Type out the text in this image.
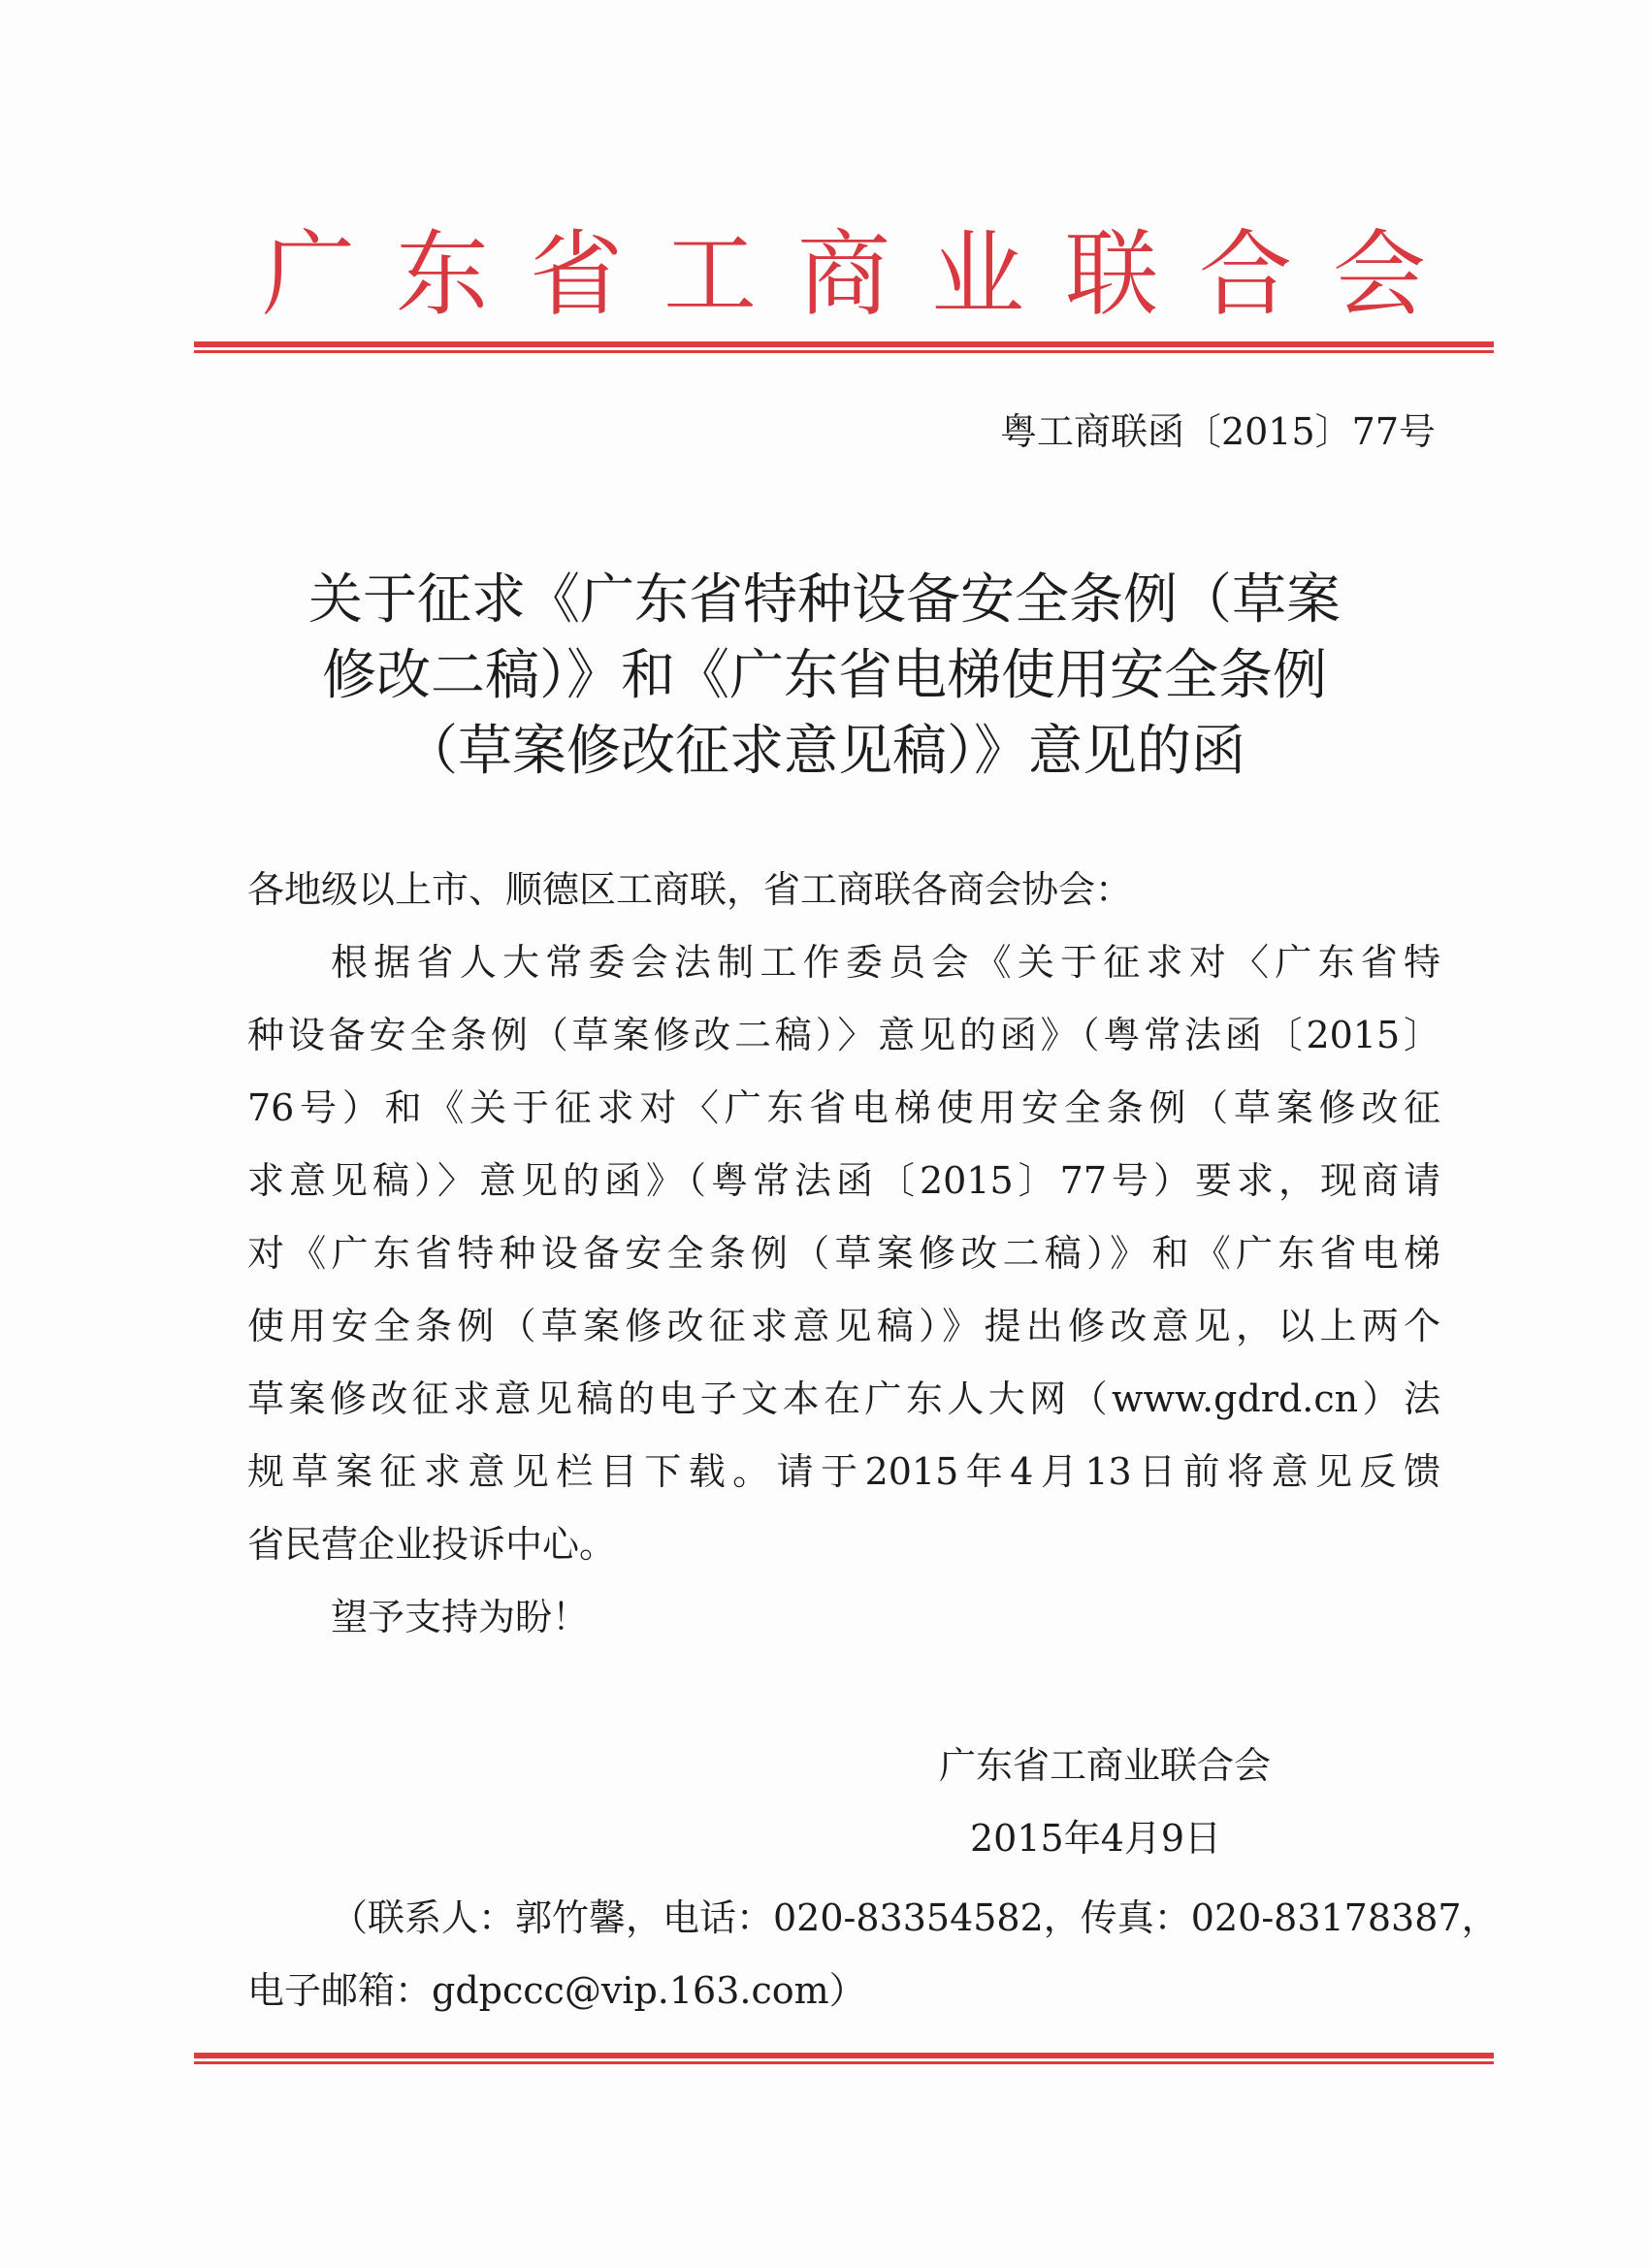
广 东 省 工 商 业 联 合 会
粤工商联函〔2015〕77号
关于征求《广东省特种设备安全条例（草案
修改二稿）》和《广东省电梯使用安全条例
（草案修改征求意见稿）》意见的函
各地级以上市、顺德区工商联，省工商联各商会协会：
根据省人大常委会法制工作委员会《关于征求对〈广东省特
种设备安全条例（草案修改二稿）〉意见的函》（粤常法函〔2015〕
76号）和《关于征求对〈广东省电梯使用安全条例（草案修改征
求意见稿）〉意见的函》（粤常法函〔2015〕77号）要求，现商请
对《广东省特种设备安全条例（草案修改二稿）》和《广东省电梯
使用安全条例（草案修改征求意见稿）》提出修改意见，以上两个
草案修改征求意见稿的电子文本在广东人大网（www.gdrd.cn）法
规草案征求意见栏目下载。请于2015年4月13日前将意见反馈
省民营企业投诉中心。
望予支持为盼！
广东省工商业联合会
2015年4月9日
（联系人：郭竹馨，电话：020-83354582，传真：020-83178387，
电子邮箱：gdpccc@vip.163.com）
